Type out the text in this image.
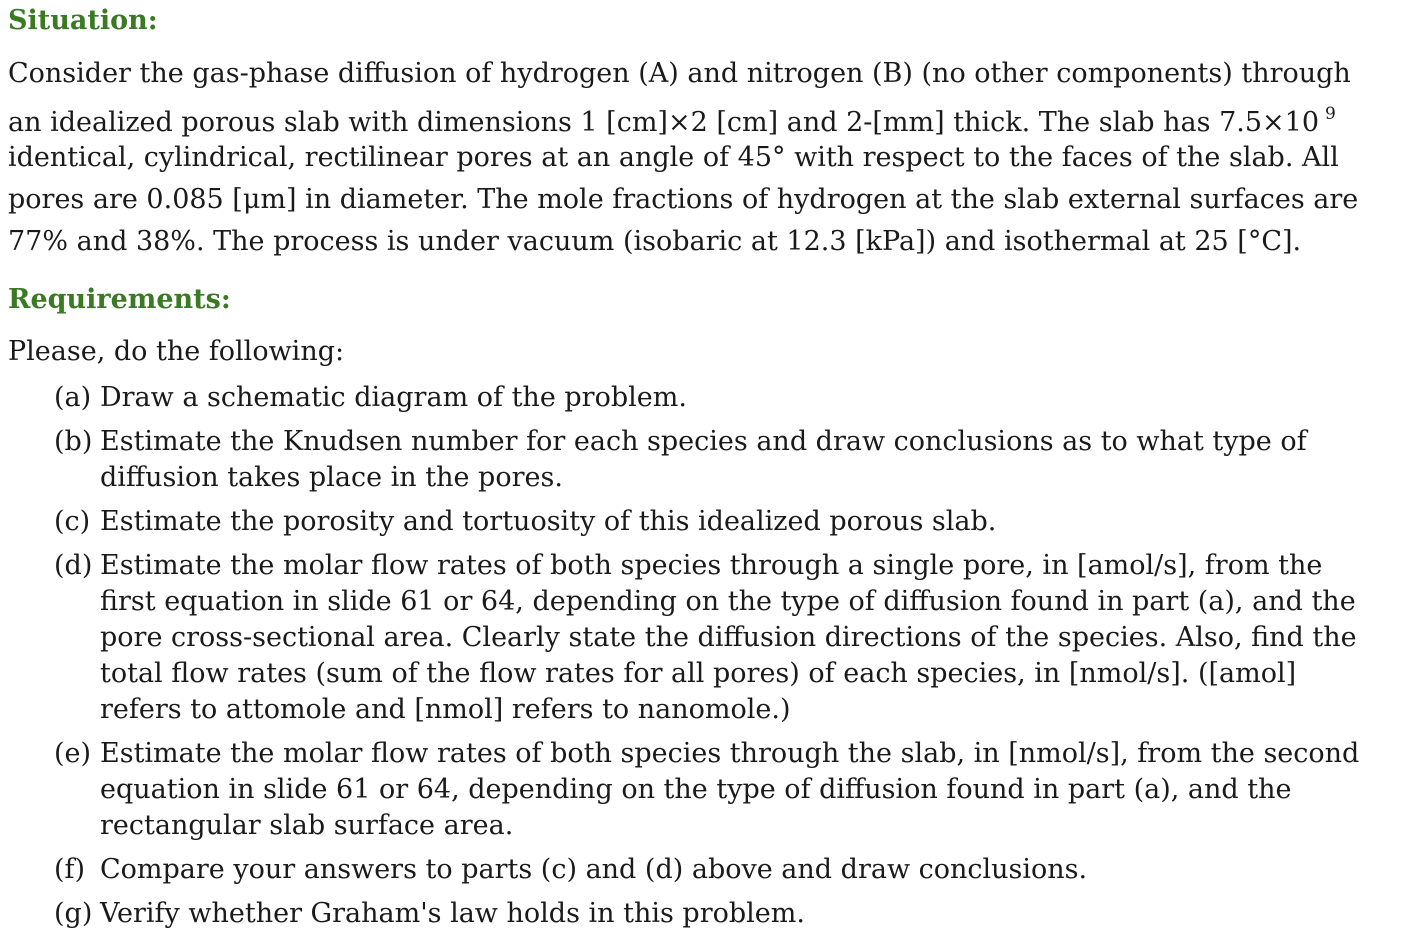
Situation:

Consider the gas-phase diffusion of hydrogen (A) and nitrogen (B) (no other components) through

an idealized porous slab with dimensions 1 [cm]×2 [cm] and 2-[mm] thick. The slab has 7.5×10 $^9$

identical, cylindrical, rectilinear pores at an angle of 45° with respect to the faces of the slab. All

pores are 0.085 [μm] in diameter. The mole fractions of hydrogen at the slab external surfaces are

77% and 38%. The process is under vacuum (isobaric at 12.3 [kPa]) and isothermal at 25 [°C].

Requirements:

Please, do the following:

(a) Draw a schematic diagram of the problem.
(b) Estimate the Knudsen number for each species and draw conclusions as to what type of
diffusion takes place in the pores.
(c) Estimate the porosity and tortuosity of this idealized porous slab.
(d) Estimate the molar flow rates of both species through a single pore, in [amol/s], from the
first equation in slide 61 or 64, depending on the type of diffusion found in part (a), and the
pore cross-sectional area. Clearly state the diffusion directions of the species. Also, find the
total flow rates (sum of the flow rates for all pores) of each species, in [nmol/s]. ([amol]
refers to attomole and [nmol] refers to nanomole.)
(e) Estimate the molar flow rates of both species through the slab, in [nmol/s], from the second
equation in slide 61 or 64, depending on the type of diffusion found in part (a), and the
rectangular slab surface area.
(f) Compare your answers to parts (c) and (d) above and draw conclusions.
(g) Verify whether Graham's law holds in this problem.
